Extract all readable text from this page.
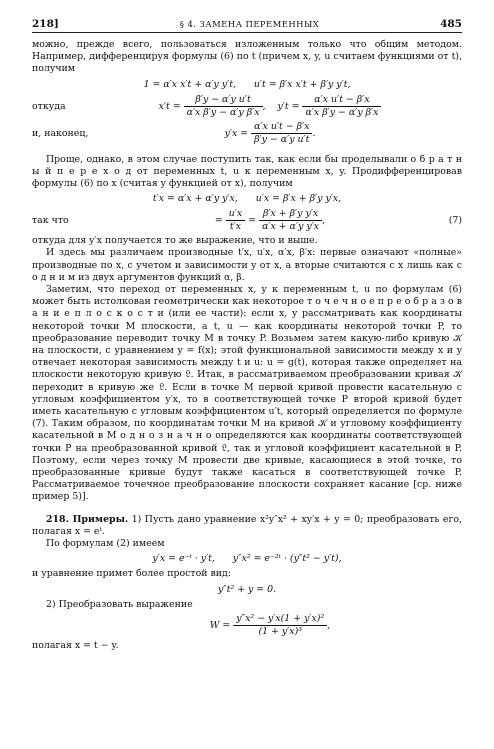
218]	§ 4. ЗАМЕНА ПЕРЕМЕННЫХ	485

можно, прежде всего, пользоваться изложенным только что общим методом. Например, дифференцируя формулы (6) по t (причем x, y, u считаем функциями от t), получим

1 = α′x x′t + α′y y′t, u′t = β′x x′t + β′y y′t,
откуда	$x't = \frac{\text{β′y − α′y u′t}}{\text{α′x β′y − α′y β′x}}$ ,    $y't = \frac{\text{α′x u′t − β′x}}{\text{α′x β′y − α′y β′x}}$
и, наконец,	$y'x = \frac{\text{α′x u′t − β′x}}{\text{β′y − α′y u′t}}$ .

Проще, однако, в этом случае поступить так, как если бы проделывали о б р а т н ы й п е р е х о д от переменных t, u к переменным x, y. Продифференцировав формулы (6) по x (считая y функцией от x), получим

t′x = α′x + α′y y′x, u′x = β′x + β′y y′x,
так что	= $\frac{u'x}{t'x} = \frac{\text{β′x + β′y y′x}}{\text{α′x + α′y y′x}}$ ,	(7)

откуда для y′x получается то же выражение, что и выше.

И здесь мы различаем производные t′x, u′x, α′x, β′x: первые означают «полные» производные по x, с учетом и зависимости y от x, а вторые считаются с x лишь как с о д н и м из двух аргументов функций α, β.

Заметим, что переход от переменных x, y к переменным t, u по формулам (6) может быть истолкован геометрически как некоторое т о ч е ч н о е п р е о б р а з о в а н и е п л о с к о с т и (или ее части): если x, y рассматривать как координаты некоторой точки M плоскости, а t, u — как координаты некоторой точки P, то преобразование переводит точку M в точку P. Возьмем затем какую-либо кривую 𝒦 на плоскости, с уравнением y = f(x); этой функциональной зависимости между x и y отвечает некоторая зависимость между t и u: u = g(t), которая также определяет на плоскости некоторую кривую 𝔏. Итак, в рассматриваемом преобразовании кривая 𝒦 переходит в кривую же 𝔏. Если в точке M первой кривой провести касательную с угловым коэффициентом y′x, то в соответствующей точке P второй кривой будет иметь касательную с угловым коэффициентом u′t, который определяется по формуле (7). Таким образом, по координатам точки M на кривой 𝒦 и угловому коэффициенту касательной в M о д н о з н а ч н о определяются как координаты соответствующей точки P на преобразованной кривой 𝔏, так и угловой коэффициент касательной в P. Поэтому, если через точку M провести две кривые, касающиеся в этой точке, то преобразованные кривые будут также касаться в соответствующей точке P. Рассматриваемое точечное преобразование плоскости сохраняет касание [ср. ниже пример 5)].

218. Примеры. 1) Пусть дано уравнение x²y″x² + xy′x + y = 0; преобразовать его, полагая x = eᵗ.

По формулам (2) имеем

y′x = e⁻ᵗ · y′t, y″x² = e⁻²ᵗ · (y″t² − y′t),

и уравнение примет более простой вид:

y″t² + y = 0.

2) Преобразовать выражение

$W = \frac{\text{y″x² − y′x(1 + y′x)²}}{\text{(1 + y′x)³}}$ ,

полагая x = t − y.
